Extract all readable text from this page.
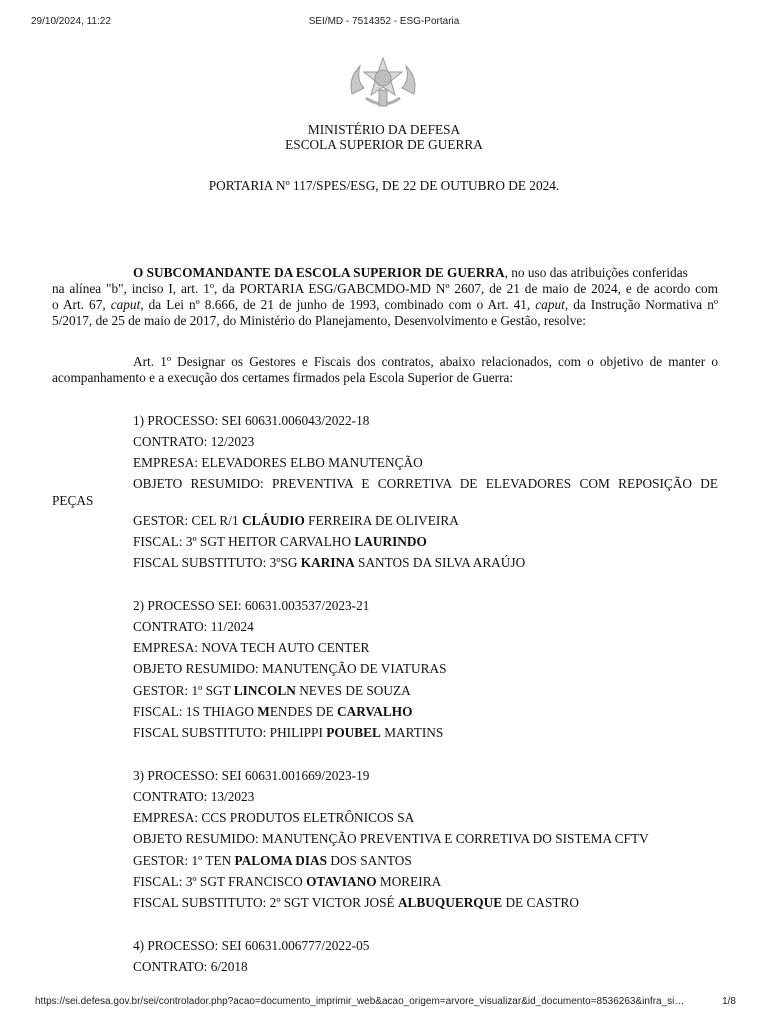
29/10/2024, 11:22	SEI/MD - 7514352 - ESG-Portaria
MINISTÉRIO DA DEFESA
ESCOLA SUPERIOR DE GUERRA
PORTARIA Nº 117/SPES/ESG, DE 22 DE OUTUBRO DE 2024.
O SUBCOMANDANTE DA ESCOLA SUPERIOR DE GUERRA, no uso das atribuições conferidas
na alínea "b", inciso I, art. 1º, da PORTARIA ESG/GABCMDO-MD Nº 2607, de 21 de maio de 2024, e de acordo com
o Art. 67, caput, da Lei nº 8.666, de 21 de junho de 1993, combinado com o Art. 41, caput, da Instrução Normativa nº
5/2017, de 25 de maio de 2017, do Ministério do Planejamento, Desenvolvimento e Gestão, resolve:
Art. 1º Designar os Gestores e Fiscais dos contratos, abaixo relacionados, com o objetivo de manter o
acompanhamento e a execução dos certames firmados pela Escola Superior de Guerra:
1) PROCESSO: SEI 60631.006043/2022-18
CONTRATO: 12/2023
EMPRESA: ELEVADORES ELBO MANUTENÇÃO
OBJETO RESUMIDO: PREVENTIVA E CORRETIVA DE ELEVADORES COM REPOSIÇÃO DE
PEÇAS
GESTOR: CEL R/1 CLÁUDIO FERREIRA DE OLIVEIRA
FISCAL: 3º SGT HEITOR CARVALHO LAURINDO
FISCAL SUBSTITUTO: 3ºSG KARINA SANTOS DA SILVA ARAÚJO
2) PROCESSO SEI: 60631.003537/2023-21
CONTRATO: 11/2024
EMPRESA: NOVA TECH AUTO CENTER
OBJETO RESUMIDO: MANUTENÇÃO DE VIATURAS
GESTOR: 1º SGT LINCOLN NEVES DE SOUZA
FISCAL: 1S THIAGO MENDES DE CARVALHO
FISCAL SUBSTITUTO: PHILIPPI POUBEL MARTINS
3) PROCESSO: SEI 60631.001669/2023-19
CONTRATO: 13/2023
EMPRESA: CCS PRODUTOS ELETRÔNICOS SA
OBJETO RESUMIDO: MANUTENÇÃO PREVENTIVA E CORRETIVA DO SISTEMA CFTV
GESTOR: 1º TEN PALOMA DIAS DOS SANTOS
FISCAL: 3º SGT FRANCISCO OTAVIANO MOREIRA
FISCAL SUBSTITUTO: 2º SGT VICTOR JOSÉ ALBUQUERQUE DE CASTRO
4) PROCESSO: SEI 60631.006777/2022-05
CONTRATO: 6/2018
https://sei.defesa.gov.br/sei/controlador.php?acao=documento_imprimir_web&acao_origem=arvore_visualizar&id_documento=8536263&infra_si…	1/8
